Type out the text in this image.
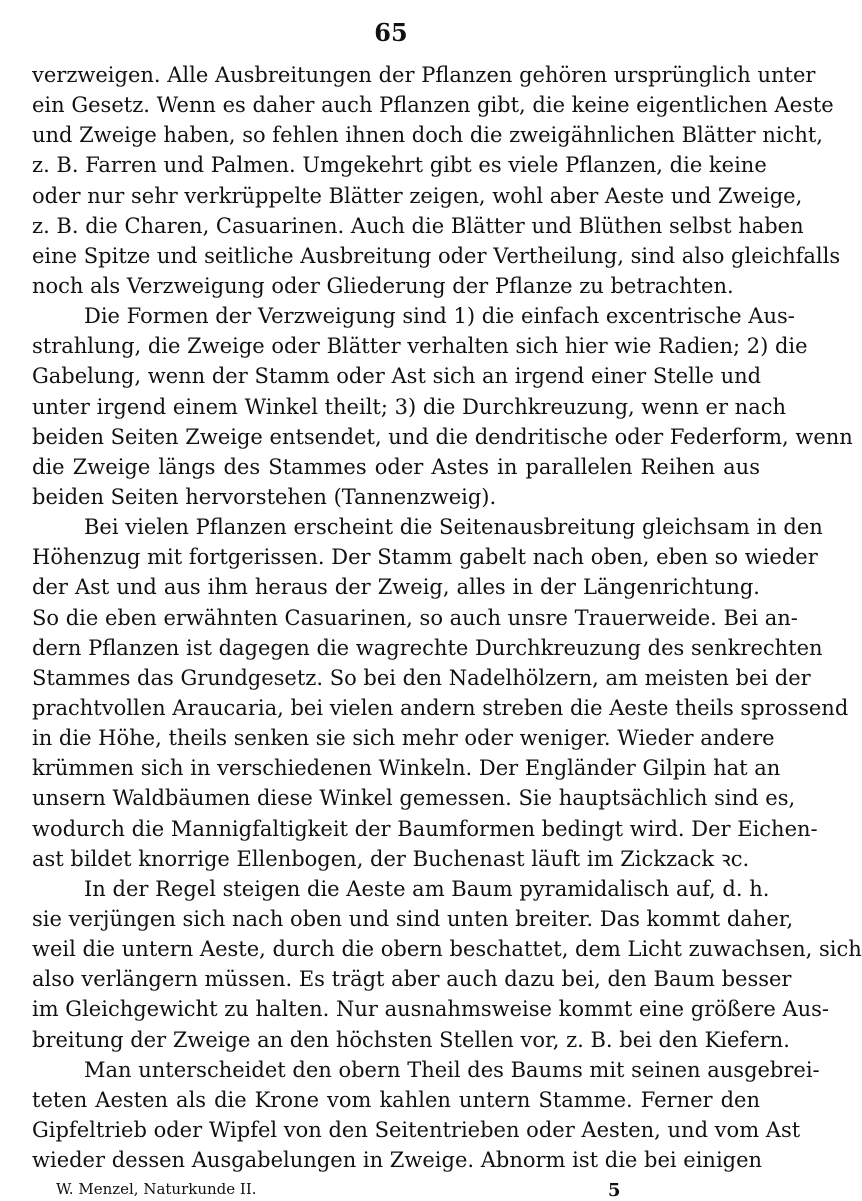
65
verzweigen. Alle Ausbreitungen der Pflanzen gehören ursprünglich unter
ein Gesetz. Wenn es daher auch Pflanzen gibt, die keine eigentlichen Aeste
und Zweige haben, so fehlen ihnen doch die zweigähnlichen Blätter nicht,
z. B. Farren und Palmen. Umgekehrt gibt es viele Pflanzen, die keine
oder nur sehr verkrüppelte Blätter zeigen, wohl aber Aeste und Zweige,
z. B. die Charen, Casuarinen. Auch die Blätter und Blüthen selbst haben
eine Spitze und seitliche Ausbreitung oder Vertheilung, sind also gleichfalls
noch als Verzweigung oder Gliederung der Pflanze zu betrachten.
Die Formen der Verzweigung sind 1) die einfach excentrische Aus-
strahlung, die Zweige oder Blätter verhalten sich hier wie Radien; 2) die
Gabelung, wenn der Stamm oder Ast sich an irgend einer Stelle und
unter irgend einem Winkel theilt; 3) die Durchkreuzung, wenn er nach
beiden Seiten Zweige entsendet, und die dendritische oder Federform, wenn
die Zweige längs des Stammes oder Astes in parallelen Reihen aus
beiden Seiten hervorstehen (Tannenzweig).
Bei vielen Pflanzen erscheint die Seitenausbreitung gleichsam in den
Höhenzug mit fortgerissen. Der Stamm gabelt nach oben, eben so wieder
der Ast und aus ihm heraus der Zweig, alles in der Längenrichtung.
So die eben erwähnten Casuarinen, so auch unsre Trauerweide. Bei an-
dern Pflanzen ist dagegen die wagrechte Durchkreuzung des senkrechten
Stammes das Grundgesetz. So bei den Nadelhölzern, am meisten bei der
prachtvollen Araucaria, bei vielen andern streben die Aeste theils sprossend
in die Höhe, theils senken sie sich mehr oder weniger. Wieder andere
krümmen sich in verschiedenen Winkeln. Der Engländer Gilpin hat an
unsern Waldbäumen diese Winkel gemessen. Sie hauptsächlich sind es,
wodurch die Mannigfaltigkeit der Baumformen bedingt wird. Der Eichen-
ast bildet knorrige Ellenbogen, der Buchenast läuft im Zickzack ꝛc.
In der Regel steigen die Aeste am Baum pyramidalisch auf, d. h.
sie verjüngen sich nach oben und sind unten breiter. Das kommt daher,
weil die untern Aeste, durch die obern beschattet, dem Licht zuwachsen, sich
also verlängern müssen. Es trägt aber auch dazu bei, den Baum besser
im Gleichgewicht zu halten. Nur ausnahmsweise kommt eine größere Aus-
breitung der Zweige an den höchsten Stellen vor, z. B. bei den Kiefern.
Man unterscheidet den obern Theil des Baums mit seinen ausgebrei-
teten Aesten als die Krone vom kahlen untern Stamme. Ferner den
Gipfeltrieb oder Wipfel von den Seitentrieben oder Aesten, und vom Ast
wieder dessen Ausgabelungen in Zweige. Abnorm ist die bei einigen
W. Menzel, Naturkunde II.	5
